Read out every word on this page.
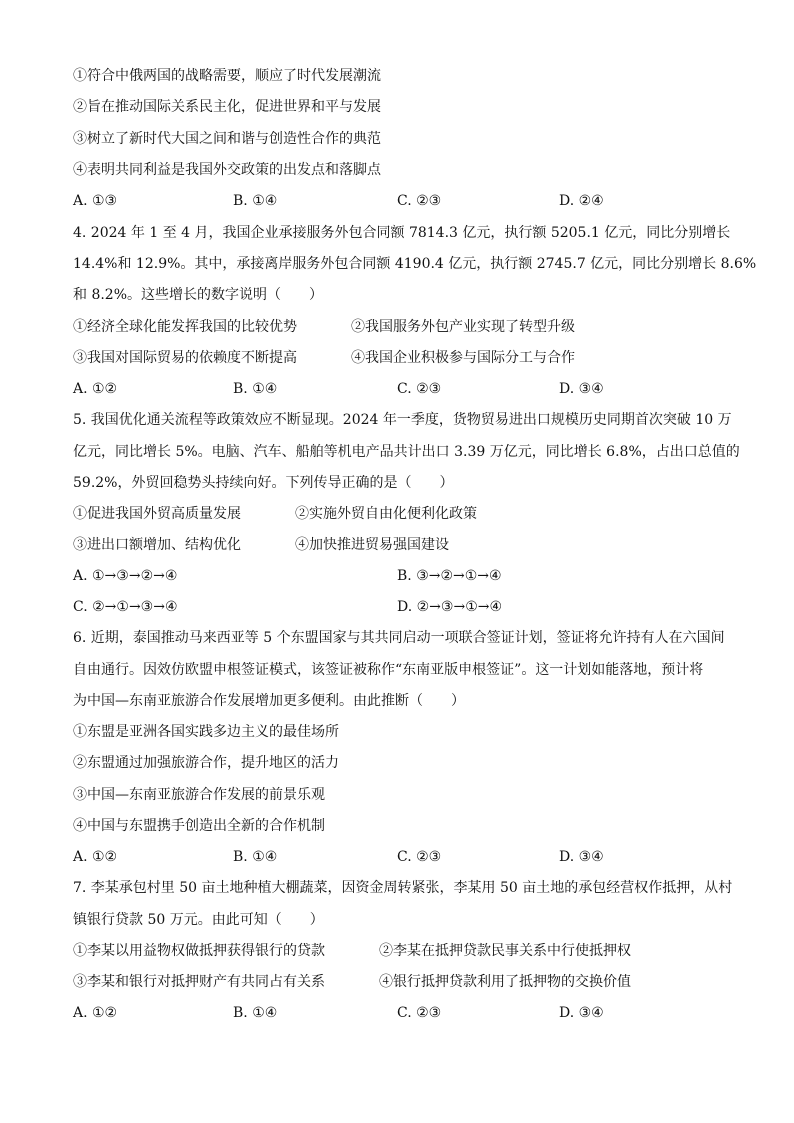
①符合中俄两国的战略需要，顺应了时代发展潮流
②旨在推动国际关系民主化，促进世界和平与发展
③树立了新时代大国之间和谐与创造性合作的典范
④表明共同利益是我国外交政策的出发点和落脚点
A. ①③	B. ①④	C. ②③	D. ②④
4. 2024 年 1 至 4 月，我国企业承接服务外包合同额 7814.3 亿元，执行额 5205.1 亿元，同比分别增长
14.4%和 12.9%。其中，承接离岸服务外包合同额 4190.4 亿元，执行额 2745.7 亿元，同比分别增长 8.6%
和 8.2%。这些增长的数字说明（　　）
①经济全球化能发挥我国的比较优势	②我国服务外包产业实现了转型升级
③我国对国际贸易的依赖度不断提高	④我国企业积极参与国际分工与合作
A. ①②	B. ①④	C. ②③	D. ③④
5. 我国优化通关流程等政策效应不断显现。2024 年一季度，货物贸易进出口规模历史同期首次突破 10 万
亿元，同比增长 5%。电脑、汽车、船舶等机电产品共计出口 3.39 万亿元，同比增长 6.8%，占出口总值的
59.2%，外贸回稳势头持续向好。下列传导正确的是（　　）
①促进我国外贸高质量发展	②实施外贸自由化便利化政策
③进出口额增加、结构优化	④加快推进贸易强国建设
A. ①→③→②→④	B. ③→②→①→④
C. ②→①→③→④	D. ②→③→①→④
6. 近期，泰国推动马来西亚等 5 个东盟国家与其共同启动一项联合签证计划，签证将允许持有人在六国间
自由通行。因效仿欧盟申根签证模式，该签证被称作“东南亚版申根签证”。这一计划如能落地，预计将
为中国—东南亚旅游合作发展增加更多便利。由此推断（　　）
①东盟是亚洲各国实践多边主义的最佳场所
②东盟通过加强旅游合作，提升地区的活力
③中国—东南亚旅游合作发展的前景乐观
④中国与东盟携手创造出全新的合作机制
A. ①②	B. ①④	C. ②③	D. ③④
7. 李某承包村里 50 亩土地种植大棚蔬菜，因资金周转紧张，李某用 50 亩土地的承包经营权作抵押，从村
镇银行贷款 50 万元。由此可知（　　）
①李某以用益物权做抵押获得银行的贷款	②李某在抵押贷款民事关系中行使抵押权
③李某和银行对抵押财产有共同占有关系	④银行抵押贷款利用了抵押物的交换价值
A. ①②	B. ①④	C. ②③	D. ③④
